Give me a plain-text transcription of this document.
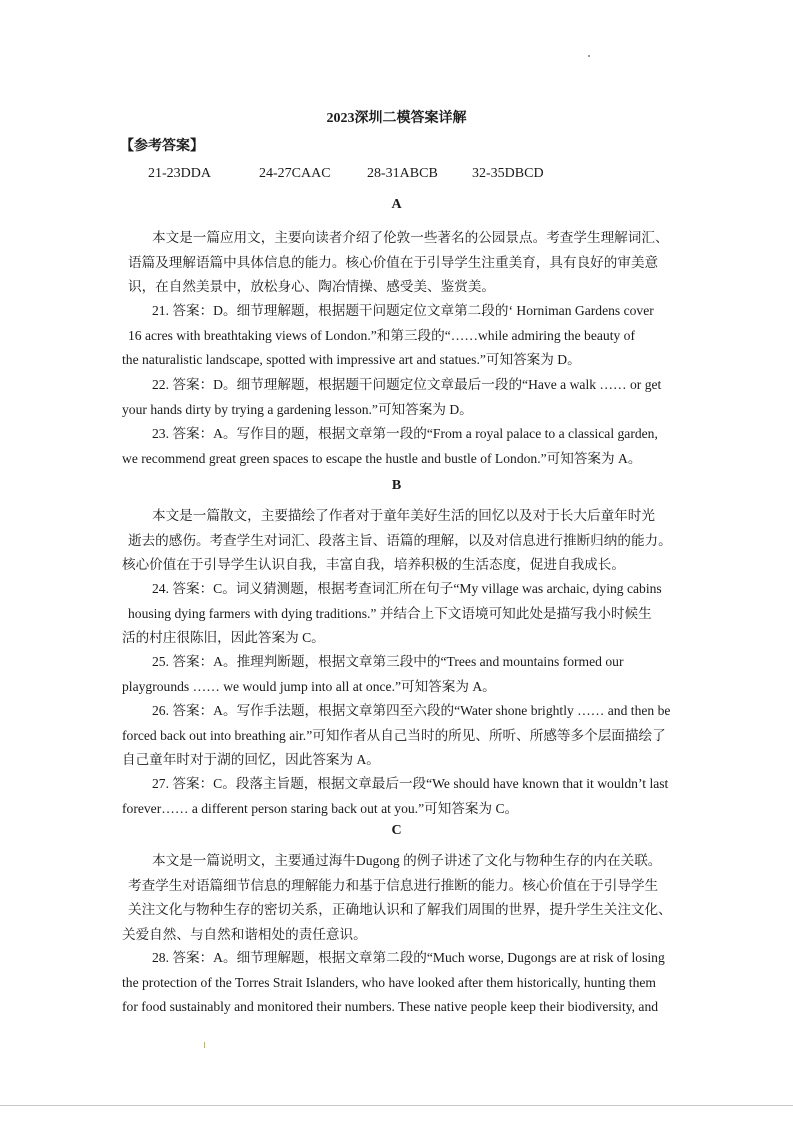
2023深圳二模答案详解
【参考答案】
21-23DDA	24-27CAAC	28-31ABCB	32-35DBCD
A
本文是一篇应用文，主要向读者介绍了伦敦一些著名的公园景点。考查学生理解词汇、
语篇及理解语篇中具体信息的能力。核心价值在于引导学生注重美育，具有良好的审美意
识，在自然美景中，放松身心、陶冶情操、感受美、鉴赏美。
21. 答案：D。细节理解题，根据题干问题定位文章第二段的‘ Horniman Gardens cover
16 acres with breathtaking views of London.”和第三段的“……while admiring the beauty of
the naturalistic landscape, spotted with impressive art and statues.”可知答案为 D。
22. 答案：D。细节理解题，根据题干问题定位文章最后一段的“Have a walk …… or get
your hands dirty by trying a gardening lesson.”可知答案为 D。
23. 答案：A。写作目的题，根据文章第一段的“From a royal palace to a classical garden,
we recommend great green spaces to escape the hustle and bustle of London.”可知答案为 A。
B
本文是一篇散文，主要描绘了作者对于童年美好生活的回忆以及对于长大后童年时光
逝去的感伤。考查学生对词汇、段落主旨、语篇的理解，以及对信息进行推断归纳的能力。
核心价值在于引导学生认识自我，丰富自我，培养积极的生活态度，促进自我成长。
24. 答案：C。词义猜测题，根据考查词汇所在句子“My village was archaic, dying cabins
housing dying farmers with dying traditions.” 并结合上下文语境可知此处是描写我小时候生
活的村庄很陈旧，因此答案为 C。
25. 答案：A。推理判断题，根据文章第三段中的“Trees and mountains formed our
playgrounds …… we would jump into all at once.”可知答案为 A。
26. 答案：A。写作手法题，根据文章第四至六段的“Water shone brightly …… and then be
forced back out into breathing air.”可知作者从自己当时的所见、所听、所感等多个层面描绘了
自己童年时对于湖的回忆，因此答案为 A。
27. 答案：C。段落主旨题，根据文章最后一段“We should have known that it wouldn’t last
forever…… a different person staring back out at you.”可知答案为 C。
C
本文是一篇说明文，主要通过海牛Dugong 的例子讲述了文化与物种生存的内在关联。
考查学生对语篇细节信息的理解能力和基于信息进行推断的能力。核心价值在于引导学生
关注文化与物种生存的密切关系，正确地认识和了解我们周围的世界，提升学生关注文化、
关爱自然、与自然和谐相处的责任意识。
28. 答案：A。细节理解题，根据文章第二段的“Much worse, Dugongs are at risk of losing
the protection of the Torres Strait Islanders, who have looked after them historically, hunting them
for food sustainably and monitored their numbers. These native people keep their biodiversity, and
